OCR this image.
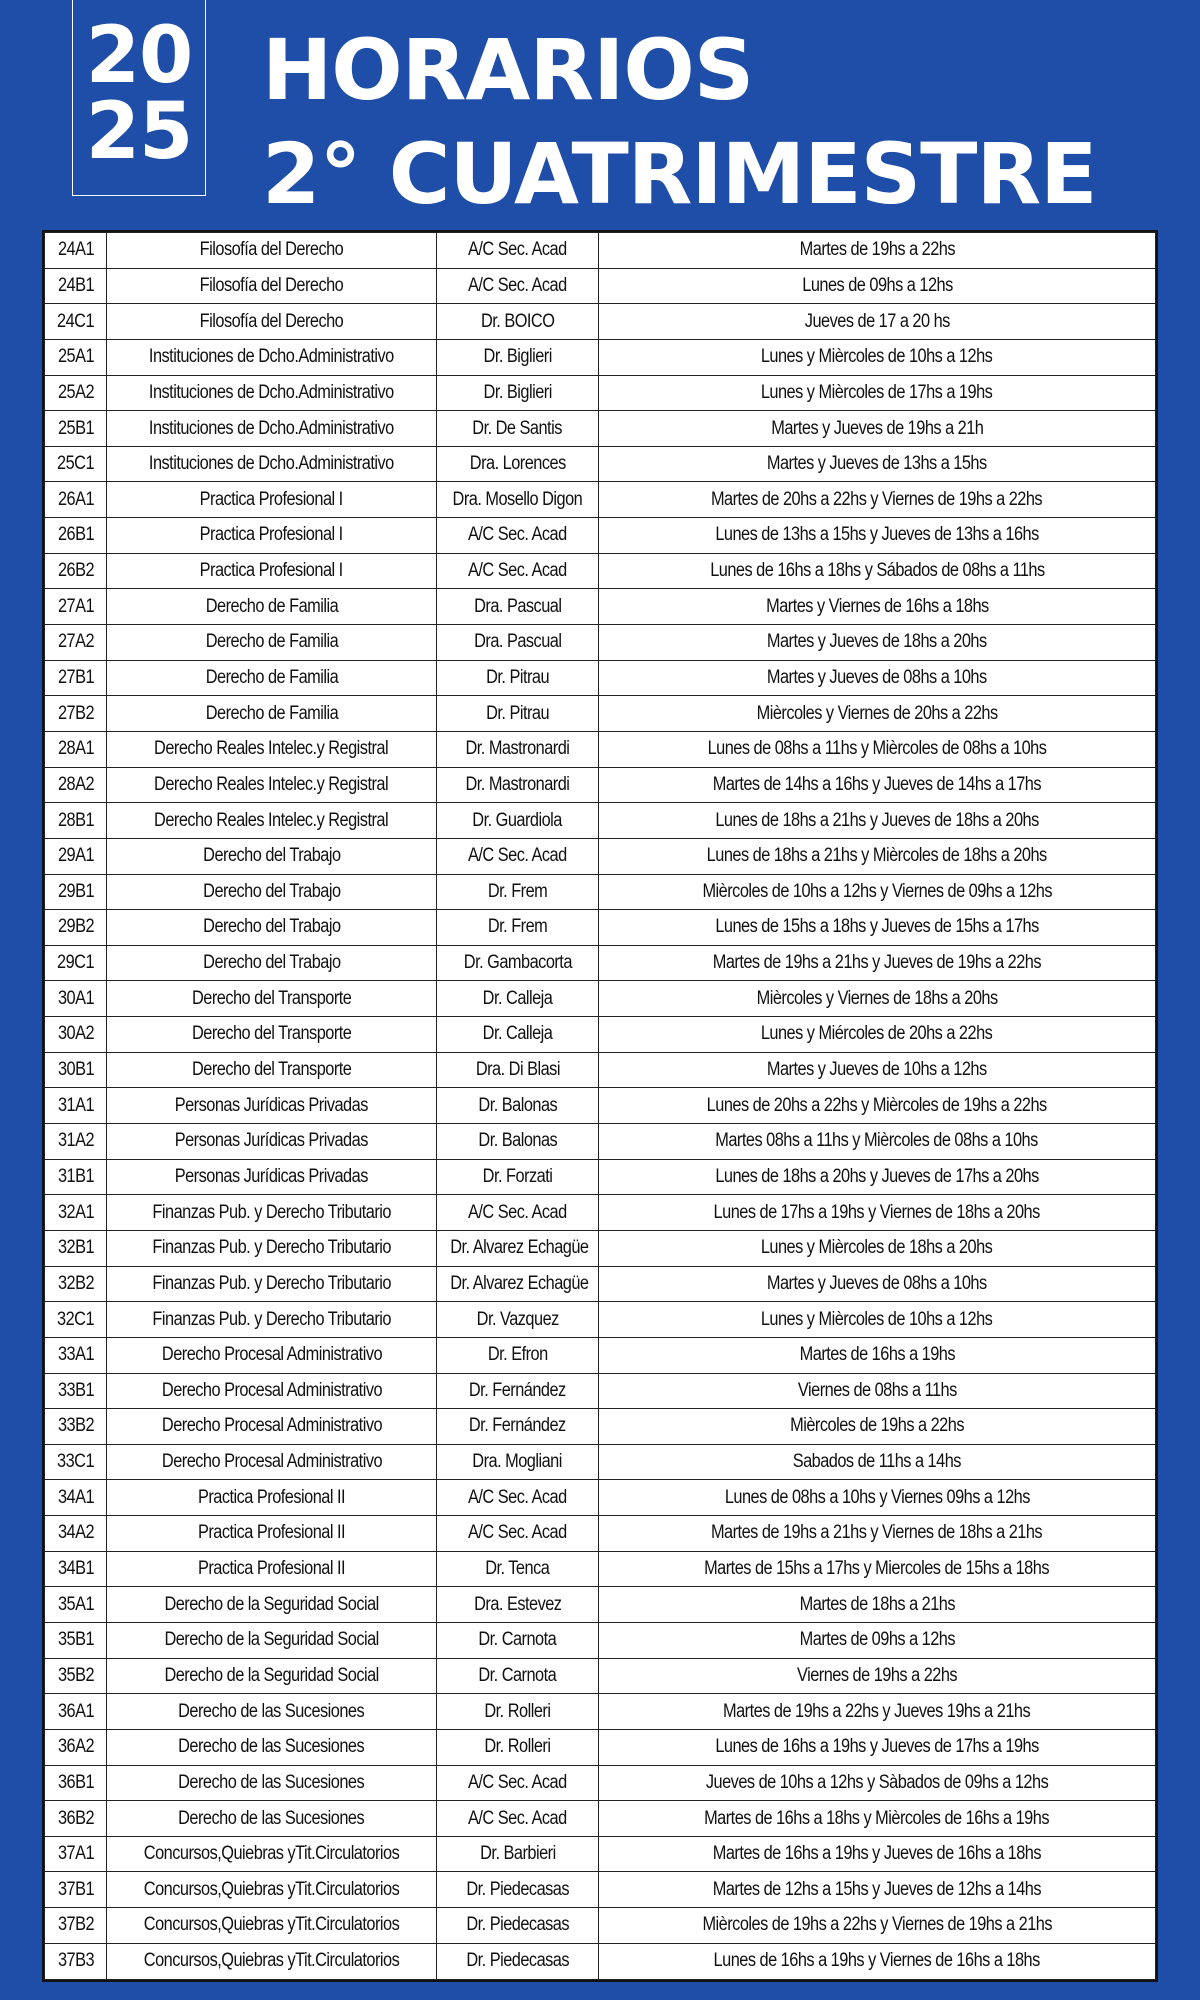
20
25
HORARIOS
2° CUATRIMESTRE
24A1	Filosofía del Derecho	A/C Sec. Acad	Martes de 19hs a 22hs
24B1	Filosofía del Derecho	A/C Sec. Acad	Lunes de 09hs a 12hs
24C1	Filosofía del Derecho	Dr. BOICO	Jueves de 17 a 20 hs
25A1	Instituciones de Dcho.Administrativo	Dr. Biglieri	Lunes y Mièrcoles de 10hs a 12hs
25A2	Instituciones de Dcho.Administrativo	Dr. Biglieri	Lunes y Mièrcoles de 17hs a 19hs
25B1	Instituciones de Dcho.Administrativo	Dr. De Santis	Martes y Jueves de 19hs a 21h
25C1	Instituciones de Dcho.Administrativo	Dra. Lorences	Martes y Jueves de 13hs a 15hs
26A1	Practica Profesional I	Dra. Mosello Digon	Martes de 20hs a 22hs y Viernes de 19hs a 22hs
26B1	Practica Profesional I	A/C Sec. Acad	Lunes de 13hs a 15hs y Jueves de 13hs a 16hs
26B2	Practica Profesional I	A/C Sec. Acad	Lunes de 16hs a 18hs y Sábados de 08hs a 11hs
27A1	Derecho de Familia	Dra. Pascual	Martes y Viernes de 16hs a 18hs
27A2	Derecho de Familia	Dra. Pascual	Martes y Jueves de 18hs a 20hs
27B1	Derecho de Familia	Dr. Pitrau	Martes y Jueves de 08hs a 10hs
27B2	Derecho de Familia	Dr. Pitrau	Mièrcoles y Viernes de 20hs a 22hs
28A1	Derecho Reales Intelec.y Registral	Dr. Mastronardi	Lunes de 08hs a 11hs y Mièrcoles de 08hs a 10hs
28A2	Derecho Reales Intelec.y Registral	Dr. Mastronardi	Martes de 14hs a 16hs y Jueves de 14hs a 17hs
28B1	Derecho Reales Intelec.y Registral	Dr. Guardiola	Lunes de 18hs a 21hs y Jueves de 18hs a 20hs
29A1	Derecho del Trabajo	A/C Sec. Acad	Lunes de 18hs a 21hs y Mièrcoles de 18hs a 20hs
29B1	Derecho del Trabajo	Dr. Frem	Mièrcoles de 10hs a 12hs y Viernes de 09hs a 12hs
29B2	Derecho del Trabajo	Dr. Frem	Lunes de 15hs a 18hs y Jueves de 15hs a 17hs
29C1	Derecho del Trabajo	Dr. Gambacorta	Martes de 19hs a 21hs y Jueves de 19hs a 22hs
30A1	Derecho del Transporte	Dr. Calleja	Mièrcoles y Viernes de 18hs a 20hs
30A2	Derecho del Transporte	Dr. Calleja	Lunes y Miércoles de 20hs a 22hs
30B1	Derecho del Transporte	Dra. Di Blasi	Martes y Jueves de 10hs a 12hs
31A1	Personas Jurídicas Privadas	Dr. Balonas	Lunes de 20hs a 22hs y Mièrcoles de 19hs a 22hs
31A2	Personas Jurídicas Privadas	Dr. Balonas	Martes 08hs a 11hs y Mièrcoles de 08hs a 10hs
31B1	Personas Jurídicas Privadas	Dr. Forzati	Lunes de 18hs a 20hs y Jueves de 17hs a 20hs
32A1	Finanzas Pub. y Derecho Tributario	A/C Sec. Acad	Lunes de 17hs a 19hs y Viernes de 18hs a 20hs
32B1	Finanzas Pub. y Derecho Tributario	Dr. Alvarez Echagüe	Lunes y Mièrcoles de 18hs a 20hs
32B2	Finanzas Pub. y Derecho Tributario	Dr. Alvarez Echagüe	Martes y Jueves de 08hs a 10hs
32C1	Finanzas Pub. y Derecho Tributario	Dr. Vazquez	Lunes y Mièrcoles de 10hs a 12hs
33A1	Derecho Procesal Administrativo	Dr. Efron	Martes de 16hs a 19hs
33B1	Derecho Procesal Administrativo	Dr. Fernández	Viernes de 08hs a 11hs
33B2	Derecho Procesal Administrativo	Dr. Fernández	Mièrcoles de 19hs a 22hs
33C1	Derecho Procesal Administrativo	Dra. Mogliani	Sabados de 11hs a 14hs
34A1	Practica Profesional II	A/C Sec. Acad	Lunes de 08hs a 10hs y Viernes 09hs a 12hs
34A2	Practica Profesional II	A/C Sec. Acad	Martes de 19hs a 21hs y Viernes de 18hs a 21hs
34B1	Practica Profesional II	Dr. Tenca	Martes de 15hs a 17hs y Miercoles de 15hs a 18hs
35A1	Derecho de la Seguridad Social	Dra. Estevez	Martes de 18hs a 21hs
35B1	Derecho de la Seguridad Social	Dr. Carnota	Martes de 09hs a 12hs
35B2	Derecho de la Seguridad Social	Dr. Carnota	Viernes de 19hs a 22hs
36A1	Derecho de las Sucesiones	Dr. Rolleri	Martes de 19hs a 22hs y Jueves 19hs a 21hs
36A2	Derecho de las Sucesiones	Dr. Rolleri	Lunes de 16hs a 19hs y Jueves de 17hs a 19hs
36B1	Derecho de las Sucesiones	A/C Sec. Acad	Jueves de 10hs a 12hs y Sàbados de 09hs a 12hs
36B2	Derecho de las Sucesiones	A/C Sec. Acad	Martes de 16hs a 18hs y Mièrcoles de 16hs a 19hs
37A1	Concursos,Quiebras yTit.Circulatorios	Dr. Barbieri	Martes de 16hs a 19hs y Jueves de 16hs a 18hs
37B1	Concursos,Quiebras yTit.Circulatorios	Dr. Piedecasas	Martes de 12hs a 15hs y Jueves de 12hs a 14hs
37B2	Concursos,Quiebras yTit.Circulatorios	Dr. Piedecasas	Mièrcoles de 19hs a 22hs y Viernes de 19hs a 21hs
37B3	Concursos,Quiebras yTit.Circulatorios	Dr. Piedecasas	Lunes de 16hs a 19hs y Viernes de 16hs a 18hs
